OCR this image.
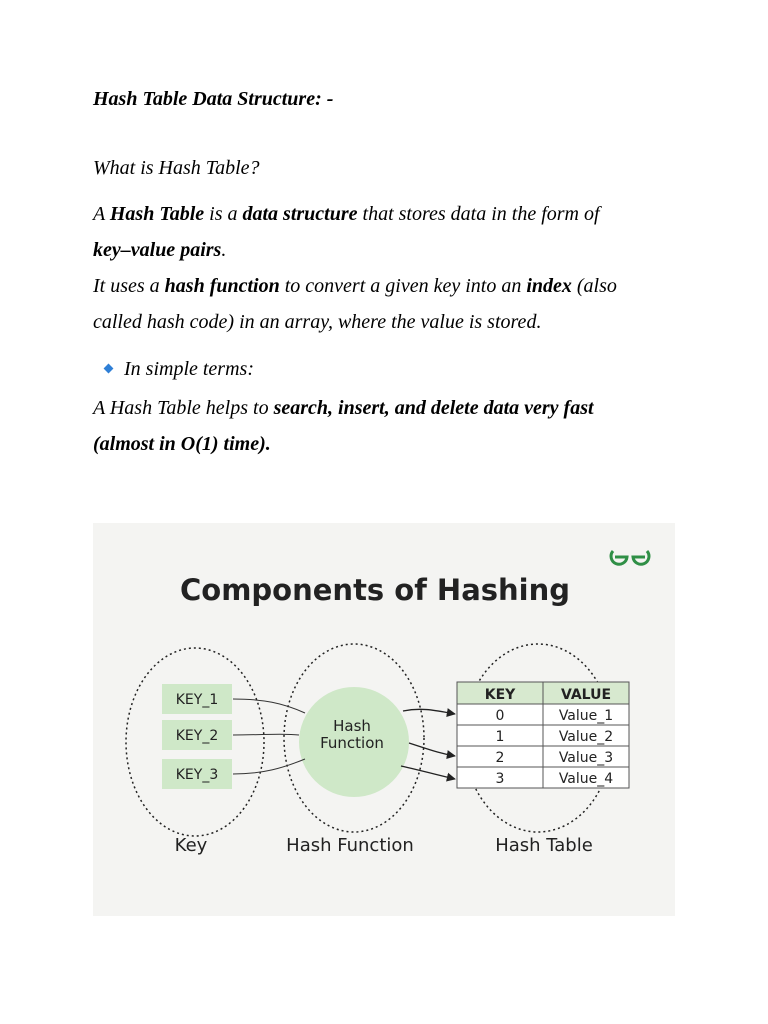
Hash Table Data Structure: -
What is Hash Table?
A Hash Table is a data structure that stores data in the form of
key–value pairs.
It uses a hash function to convert a given key into an index (also
called hash code) in an array, where the value is stored.
In simple terms:
A Hash Table helps to search, insert, and delete data very fast
(almost in O(1) time).
Components of Hashing
KEY_1
KEY_2
KEY_3
Hash
Function
KEY	VALUE
0	Value_1
1	Value_2
2	Value_3
3	Value_4
Key	Hash Function	Hash Table
